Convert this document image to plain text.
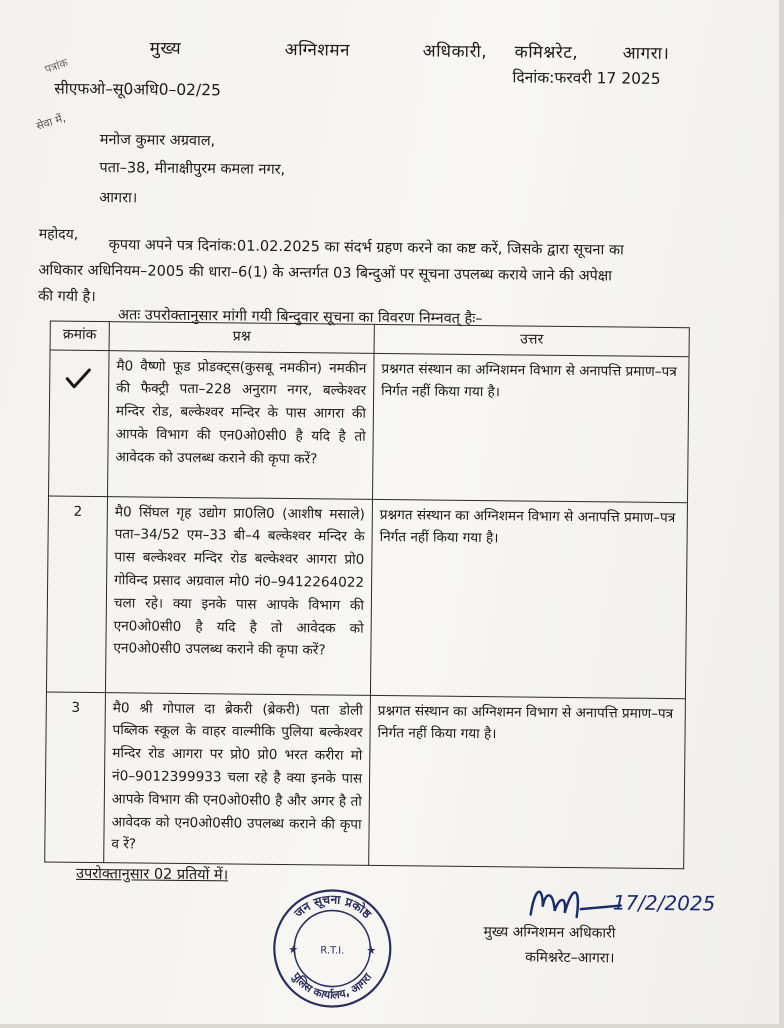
मुख्य	अग्निशमन	अधिकारी, कमिश्नरेट,	आगरा।
पत्रांक
सीएफओ–सू0अधि0–02/25
दिनांक:फरवरी 17 2025
सेवा में,
मनोज कुमार अग्रवाल,
पता–38, मीनाक्षीपुरम कमला नगर,
आगरा।
महोदय,
कृपया अपने पत्र दिनांक:01.02.2025 का संदर्भ ग्रहण करने का कष्ट करें, जिसके द्वारा सूचना का
अधिकार अधिनियम–2005 की धारा–6(1) के अन्तर्गत 03 बिन्दुओं पर सूचना उपलब्ध कराये जाने की अपेक्षा
की गयी है।
अतः उपरोक्तानुसार मांगी गयी बिन्दुवार सूचना का विवरण निम्नवत् हैः–
क्रमांक	प्रश्न	उत्तर
	मै0 वैष्णो फूड प्रोडक्ट्स(कुसबू नमकीन) नमकीन की फैक्ट्री पता–228 अनुराग नगर, बल्केश्वर मन्दिर रोड, बल्केश्वर मन्दिर के पास आगरा की आपके विभाग की एन0ओ0सी0 है यदि है तो आवेदक को उपलब्ध कराने की कृपा करें?	प्रश्नगत संस्थान का अग्निशमन विभाग से अनापत्ति प्रमाण–पत्र निर्गत नहीं किया गया है।
2	मै0 सिंघल गृह उद्योग प्रा0लि0 (आशीष मसाले) पता–34/52 एम–33 बी–4 बल्केश्वर मन्दिर के पास बल्केश्वर मन्दिर रोड बल्केश्वर आगरा प्रो0 गोविन्द प्रसाद अग्रवाल मो0 नं0–9412264022 चला रहे। क्या इनके पास आपके विभाग की एन0ओ0सी0 है यदि है तो आवेदक को एन0ओ0सी0 उपलब्ध कराने की कृपा करें?	प्रश्नगत संस्थान का अग्निशमन विभाग से अनापत्ति प्रमाण–पत्र निर्गत नहीं किया गया है।
3	मै0 श्री गोपाल दा ब्रेकरी (ब्रेकरी) पता डोली पब्लिक स्कूल के वाहर वाल्मीकि पुलिया बल्केश्वर मन्दिर रोड आगरा पर प्रो0 प्रो0 भरत करीरा मो नं0–9012399933 चला रहे है क्या इनके पास आपके विभाग की एन0ओ0सी0 है और अगर है तो आवेदक को एन0ओ0सी0 उपलब्ध कराने की कृपा व रें?	प्रश्नगत संस्थान का अग्निशमन विभाग से अनापत्ति प्रमाण–पत्र निर्गत नहीं किया गया है।
उपरोक्तानुसार 02 प्रतियों में।
जन सूचना प्रकोष्ठ
पुलिस कार्यालय, आगरा
R.T.I.
★	★
17/2/2025
मुख्य अग्निशमन अधिकारी
कमिश्नरेट–आगरा।
